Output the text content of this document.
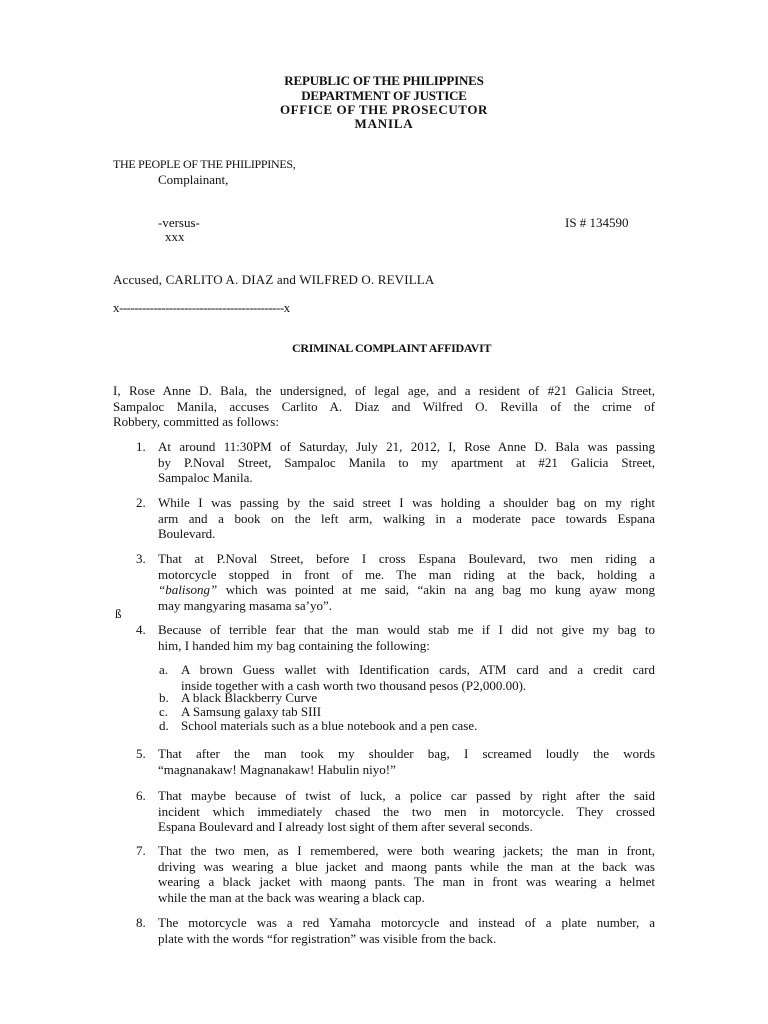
REPUBLIC OF THE PHILIPPINES
DEPARTMENT OF JUSTICE
OFFICE OF THE PROSECUTOR
MANILA
THE PEOPLE OF THE PHILIPPINES,
Complainant,
-versus-	IS # 134590
xxx
Accused, CARLITO A. DIAZ and WILFRED O. REVILLA
x-------------------------------------------x
CRIMINAL COMPLAINT AFFIDAVIT
I, Rose Anne D. Bala, the undersigned, of legal age, and a resident of #21 Galicia Street,
Sampaloc Manila, accuses Carlito A. Diaz and Wilfred O. Revilla of the crime of
Robbery, committed as follows:
1. At around 11:30PM of Saturday, July 21, 2012, I, Rose Anne D. Bala was passing
by P.Noval Street, Sampaloc Manila to my apartment at #21 Galicia Street,
Sampaloc Manila.
2. While I was passing by the said street I was holding a shoulder bag on my right
arm and a book on the left arm, walking in a moderate pace towards Espana
Boulevard.
3. That at P.Noval Street, before I cross Espana Boulevard, two men riding a
motorcycle stopped in front of me. The man riding at the back, holding a
“balisong” which was pointed at me said, “akin na ang bag mo kung ayaw mong
may mangyaring masama sa’yo”.
ß
4. Because of terrible fear that the man would stab me if I did not give my bag to
him, I handed him my bag containing the following:
a. A brown Guess wallet with Identification cards, ATM card and a credit card
inside together with a cash worth two thousand pesos (P2,000.00).
b. A black Blackberry Curve
c. A Samsung galaxy tab SIII
d. School materials such as a blue notebook and a pen case.
5. That after the man took my shoulder bag, I screamed loudly the words
“magnanakaw! Magnanakaw! Habulin niyo!”
6. That maybe because of twist of luck, a police car passed by right after the said
incident which immediately chased the two men in motorcycle. They crossed
Espana Boulevard and I already lost sight of them after several seconds.
7. That the two men, as I remembered, were both wearing jackets; the man in front,
driving was wearing a blue jacket and maong pants while the man at the back was
wearing a black jacket with maong pants. The man in front was wearing a helmet
while the man at the back was wearing a black cap.
8. The motorcycle was a red Yamaha motorcycle and instead of a plate number, a
plate with the words “for registration” was visible from the back.
